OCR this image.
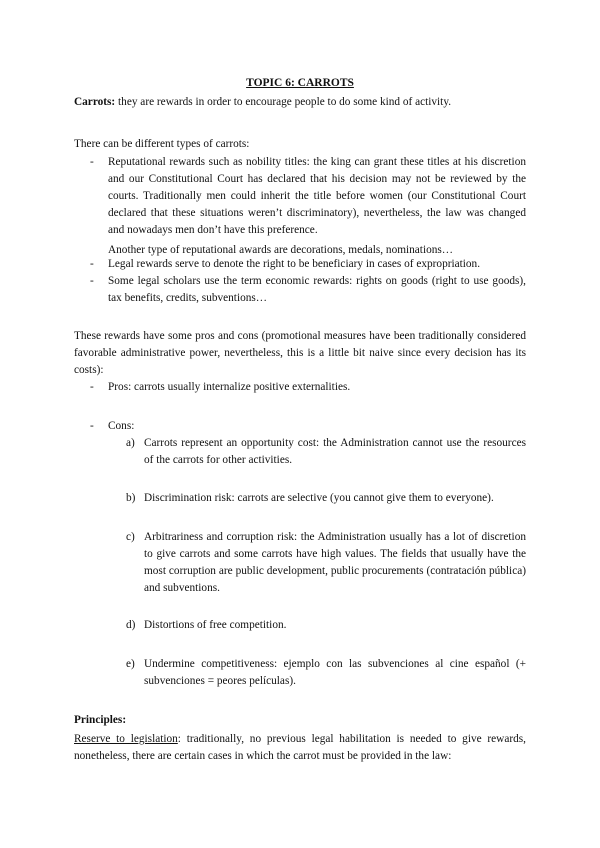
TOPIC 6: CARROTS
Carrots: they are rewards in order to encourage people to do some kind of activity.
There can be different types of carrots:
- Reputational rewards such as nobility titles: the king can grant these titles at his discretion and our Constitutional Court has declared that his decision may not be reviewed by the courts. Traditionally men could inherit the title before women (our Constitutional Court declared that these situations weren’t discriminatory), nevertheless, the law was changed and nowadays men don’t have this preference.

Another type of reputational awards are decorations, medals, nominations…

- Legal rewards serve to denote the right to be beneficiary in cases of expropriation.

- Some legal scholars use the term economic rewards: rights on goods (right to use goods), tax benefits, credits, subventions…

These rewards have some pros and cons (promotional measures have been traditionally considered favorable administrative power, nevertheless, this is a little bit naive since every decision has its costs):
- Pros: carrots usually internalize positive externalities.
- Cons:
a) Carrots represent an opportunity cost: the Administration cannot use the resources of the carrots for other activities.
b) Discrimination risk: carrots are selective (you cannot give them to everyone).
c) Arbitrariness and corruption risk: the Administration usually has a lot of discretion to give carrots and some carrots have high values. The fields that usually have the most corruption are public development, public procurements (contratación pública) and subventions.
d) Distortions of free competition.
e) Undermine competitiveness: ejemplo con las subvenciones al cine español (+ subvenciones = peores películas).
Principles:
Reserve to legislation: traditionally, no previous legal habilitation is needed to give rewards, nonetheless, there are certain cases in which the carrot must be provided in the law:
